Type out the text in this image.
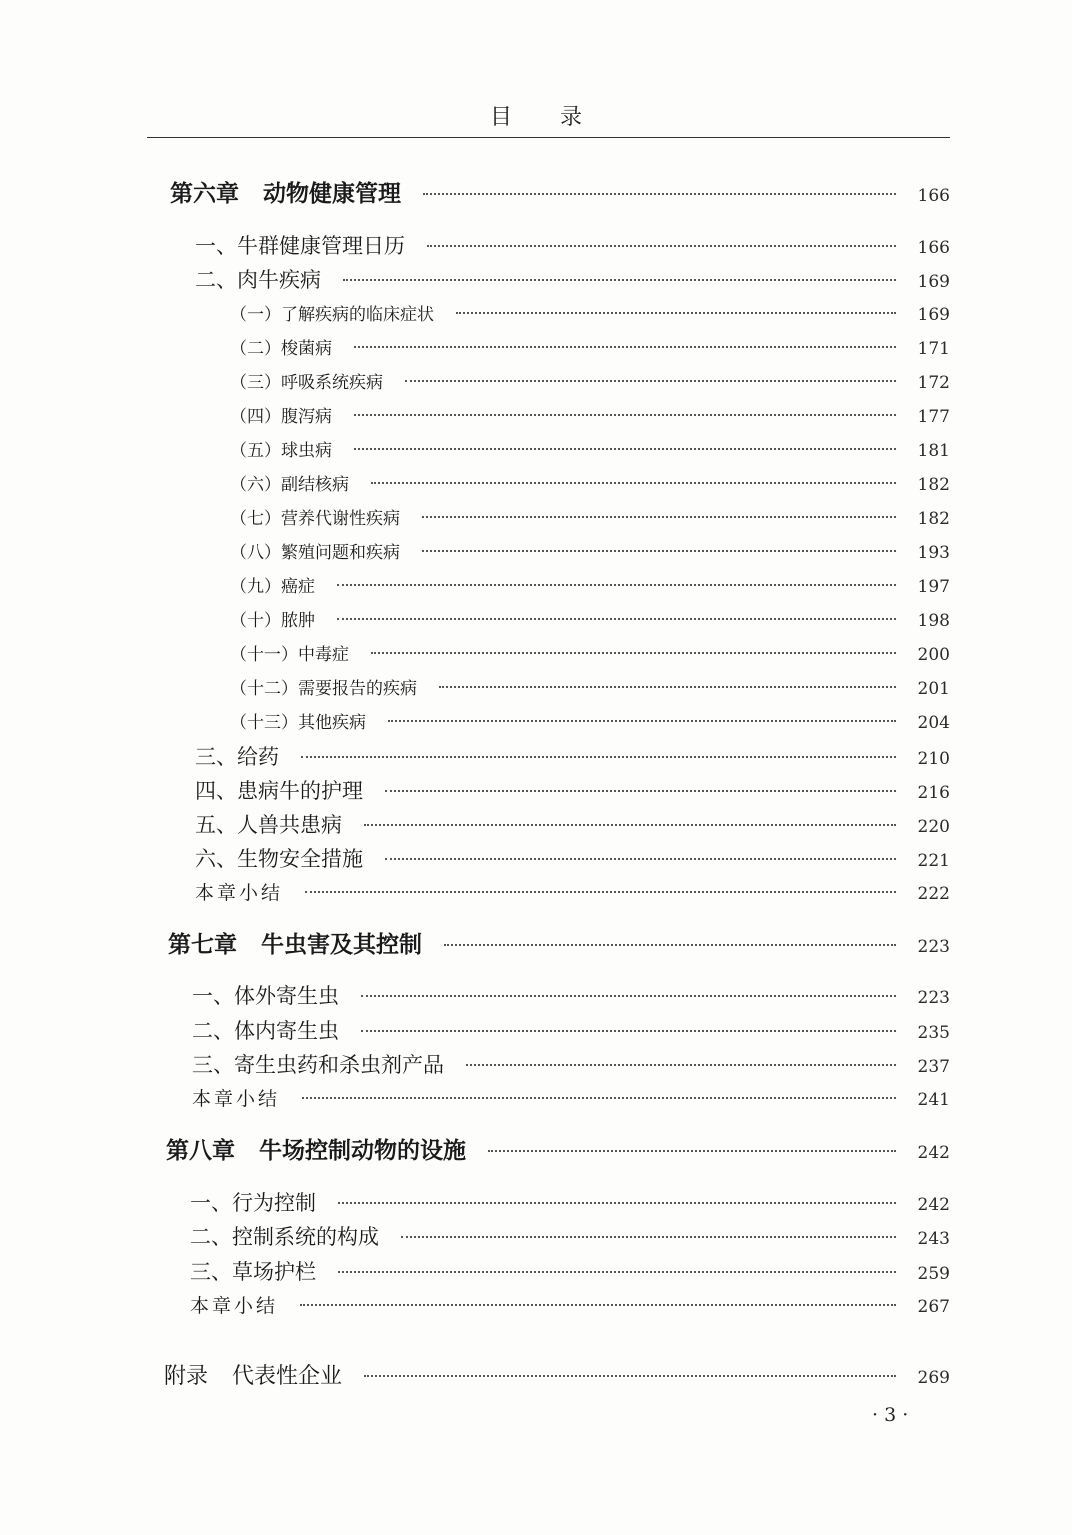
目录
第六章 动物健康管理	166
一、牛群健康管理日历	166
二、肉牛疾病	169
（一）了解疾病的临床症状	169
（二）梭菌病	171
（三）呼吸系统疾病	172
（四）腹泻病	177
（五）球虫病	181
（六）副结核病	182
（七）营养代谢性疾病	182
（八）繁殖问题和疾病	193
（九）癌症	197
（十）脓肿	198
（十一）中毒症	200
（十二）需要报告的疾病	201
（十三）其他疾病	204
三、给药	210
四、患病牛的护理	216
五、人兽共患病	220
六、生物安全措施	221
本章小结	222
第七章 牛虫害及其控制	223
一、体外寄生虫	223
二、体内寄生虫	235
三、寄生虫药和杀虫剂产品	237
本章小结	241
第八章 牛场控制动物的设施	242
一、行为控制	242
二、控制系统的构成	243
三、草场护栏	259
本章小结	267
附录 代表性企业	269
· 3 ·
